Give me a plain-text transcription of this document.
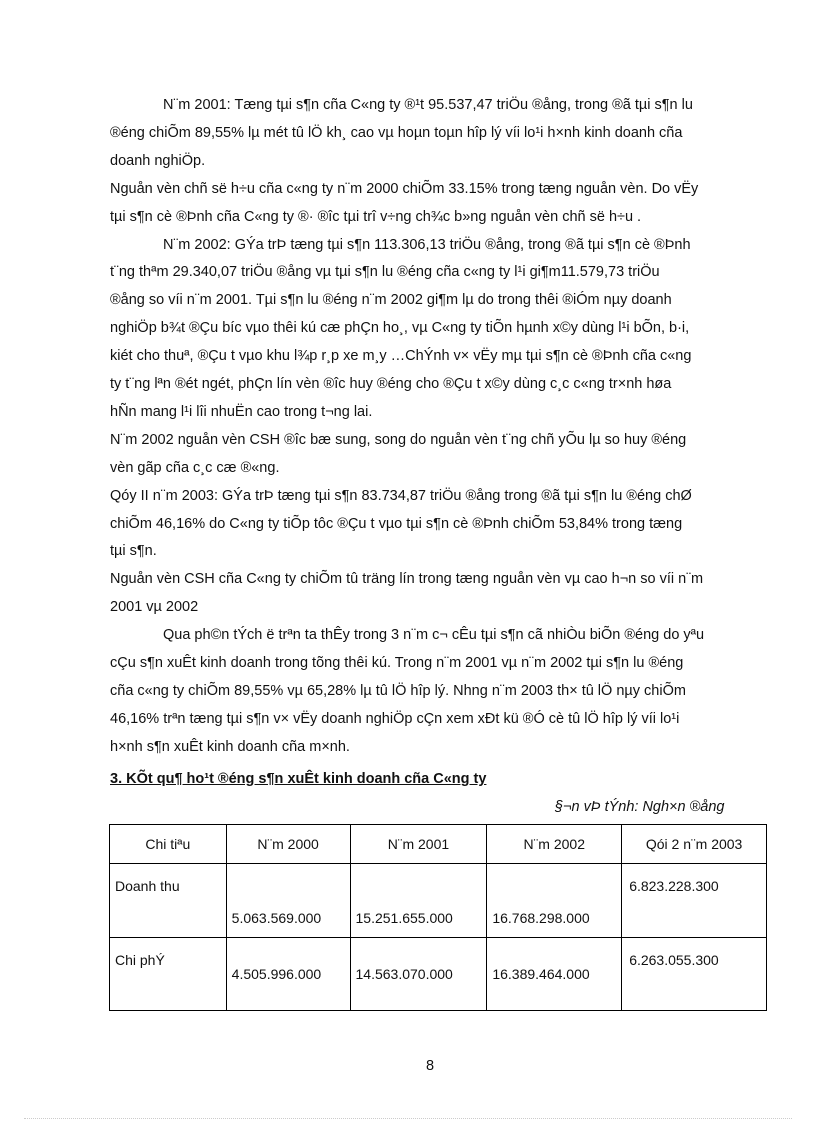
N¨m 2001: Tæng tµi s¶n cña C«ng ty ®¹t 95.537,47 triÖu ®ång, trong ®ã tµi s¶n lu

®éng chiÕm 89,55% lµ mét tû lÖ kh¸ cao vµ hoµn toµn hîp lý víi lo¹i h×nh kinh doanh cña

doanh nghiÖp.

Nguån vèn chñ së h÷u cña c«ng ty n¨m 2000 chiÕm 33.15% trong tæng nguån vèn. Do vËy

tµi s¶n cè ®Þnh cña C«ng ty ®· ®îc tµi trî v÷ng ch¾c b»ng nguån vèn chñ së h÷u .

N¨m 2002: GÝa trÞ tæng tµi s¶n 113.306,13 triÖu ®ång, trong ®ã tµi s¶n cè ®Þnh

t¨ng thªm 29.340,07 triÖu ®ång vµ tµi s¶n lu ®éng cña c«ng ty l¹i gi¶m11.579,73 triÖu

®ång so víi n¨m 2001. Tµi s¶n lu ®éng n¨m 2002 gi¶m lµ do trong thêi ®iÓm nµy doanh

nghiÖp b¾t ®Çu bíc vµo thêi kú cæ phÇn ho¸, vµ C«ng ty tiÕn hµnh x©y dùng l¹i bÕn, b·i,

kiét cho thuª, ®Çu t vµo khu l¾p r¸p xe m¸y …ChÝnh v× vËy mµ tµi s¶n cè ®Þnh cña c«ng

ty t¨ng lªn ®ét ngét, phÇn lín vèn ®îc huy ®éng cho ®Çu t x©y dùng c¸c c«ng tr×nh høa

hÑn mang l¹i lîi nhuËn cao trong t¬ng lai.

N¨m 2002 nguån vèn CSH ®îc bæ sung, song do nguån vèn t¨ng chñ yÕu lµ so huy ®éng

vèn gãp cña c¸c cæ ®«ng.

Qóy II n¨m 2003: GÝa trÞ tæng tµi s¶n 83.734,87 triÖu ®ång trong ®ã tµi s¶n lu ®éng chØ

chiÕm 46,16% do C«ng ty tiÕp tôc ®Çu t vµo tµi s¶n cè ®Þnh chiÕm 53,84% trong tæng

tµi s¶n.

Nguån vèn CSH cña C«ng ty chiÕm tû träng lín trong tæng nguån vèn vµ cao h¬n so víi n¨m

2001 vµ 2002

Qua ph©n tÝch ë trªn ta thÊy trong 3 n¨m c¬ cÊu tµi s¶n cã nhiÒu biÕn ®éng do yªu

cÇu s¶n xuÊt kinh doanh trong tõng thêi kú. Trong n¨m 2001 vµ n¨m 2002 tµi s¶n lu ®éng

cña c«ng ty chiÕm 89,55% vµ 65,28% lµ tû lÖ hîp lý. Nhng n¨m 2003 th× tû lÖ nµy chiÕm

46,16% trªn tæng tµi s¶n v× vËy doanh nghiÖp cÇn xem xÐt kü ®Ó cè tû lÖ hîp lý víi lo¹i

h×nh s¶n xuÊt kinh doanh cña m×nh.

3. KÕt qu¶ ho¹t ®éng s¶n xuÊt kinh doanh cña C«ng ty

§¬n vÞ tÝnh: Ngh×n ®ång

Chi tiªu	N¨m 2000	N¨m 2001	N¨m 2002	Qói 2 n¨m 2003
Doanh thu	5.063.569.000	15.251.655.000	16.768.298.000	6.823.228.300
Chi phÝ	4.505.996.000	14.563.070.000	16.389.464.000	6.263.055.300
8
